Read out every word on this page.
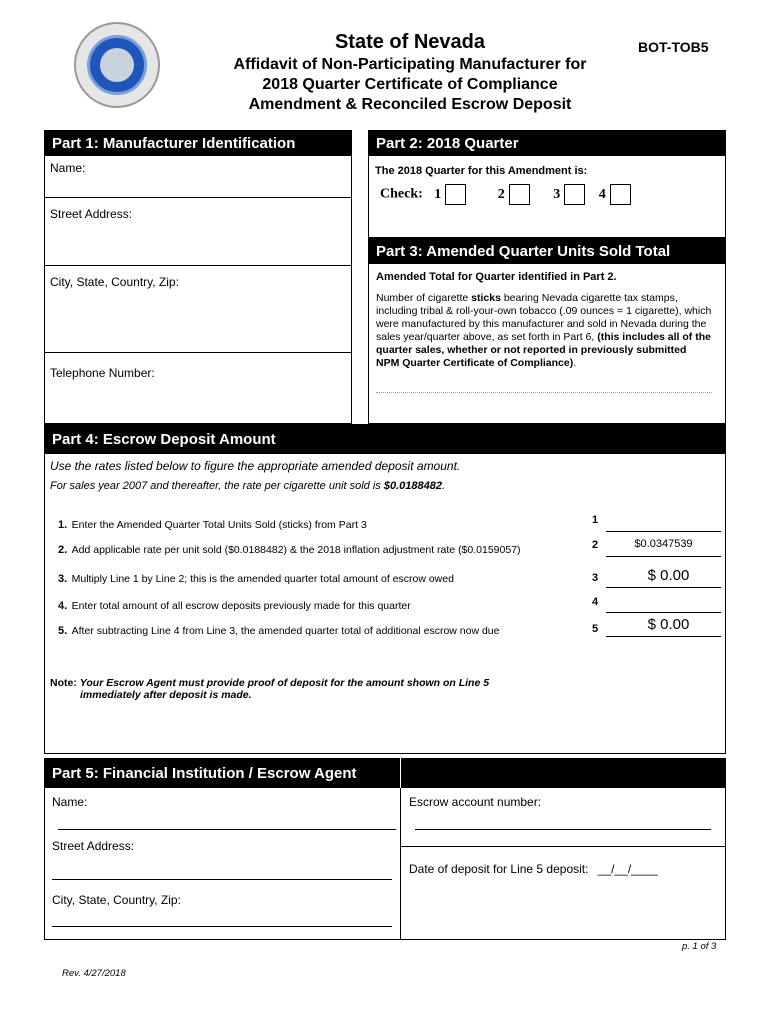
State of Nevada
Affidavit of Non-Participating Manufacturer for
2018 Quarter Certificate of Compliance
Amendment & Reconciled Escrow Deposit
BOT-TOB5
Part 1: Manufacturer Identification
Name:
Street Address:
City, State, Country, Zip:
Telephone Number:
Part 2: 2018 Quarter
The 2018 Quarter for this Amendment is:
Check: 1	2	3	4
Part 3: Amended Quarter Units Sold Total
Amended Total for Quarter identified in Part 2.
Number of cigarette sticks bearing Nevada cigarette tax stamps, including tribal & roll-your-own tobacco (.09 ounces = 1 cigarette), which were manufactured by this manufacturer and sold in Nevada during the sales year/quarter above, as set forth in Part 6, (this includes all of the quarter sales, whether or not reported in previously submitted NPM Quarter Certificate of Compliance).
Part 4: Escrow Deposit Amount
Use the rates listed below to figure the appropriate amended deposit amount.
For sales year 2007 and thereafter, the rate per cigarette unit sold is $0.0188482.
1. Enter the Amended Quarter Total Units Sold (sticks) from Part 3	1
2. Add applicable rate per unit sold ($0.0188482) & the 2018 inflation adjustment rate ($0.0159057)	2	$0.0347539
3. Multiply Line 1 by Line 2; this is the amended quarter total amount of escrow owed	3	$ 0.00
4. Enter total amount of all escrow deposits previously made for this quarter	4
5. After subtracting Line 4 from Line 3, the amended quarter total of additional escrow now due	5	$ 0.00
Note: Your Escrow Agent must provide proof of deposit for the amount shown on Line 5
immediately after deposit is made.
Part 5: Financial Institution / Escrow Agent
Name:
Street Address:
City, State, Country, Zip:
Escrow account number:
Date of deposit for Line 5 deposit: __/__/____
p. 1 of 3
Rev. 4/27/2018
